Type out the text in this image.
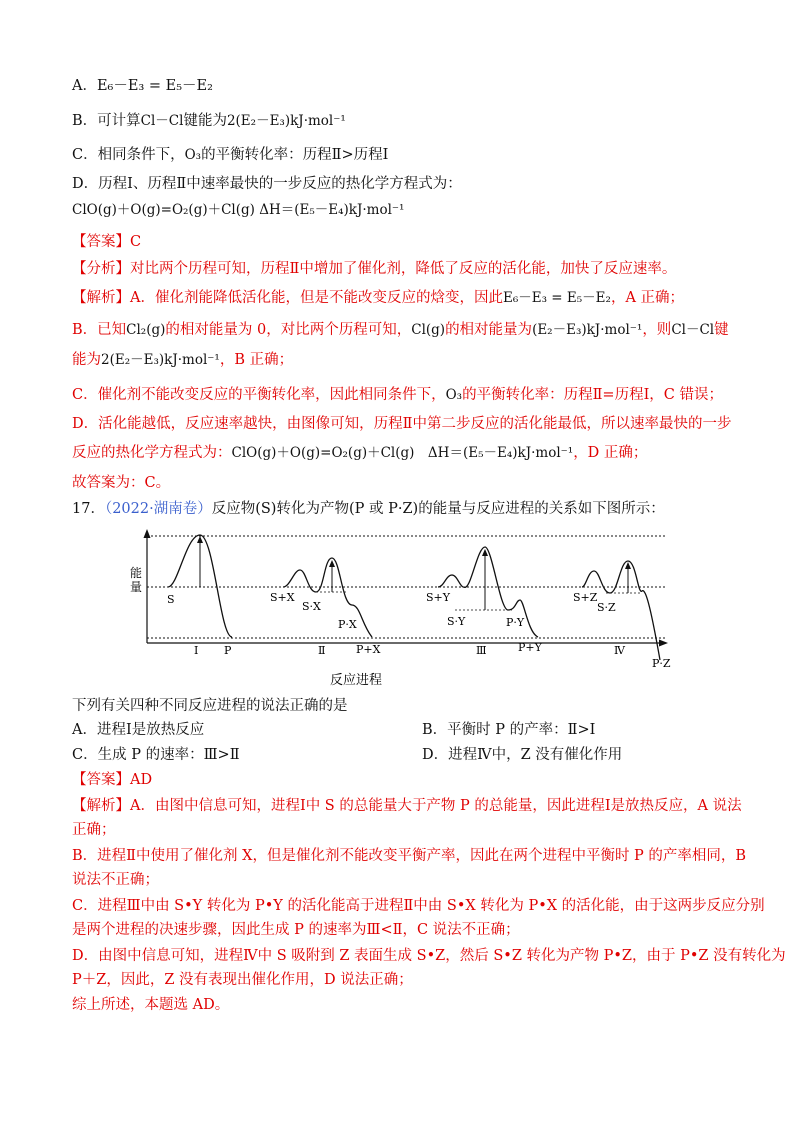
A．E₆－E₃ = E₅－E₂
B．可计算Cl－Cl键能为2(E₂－E₃)kJ·mol⁻¹
C．相同条件下，O₃的平衡转化率：历程Ⅱ>历程Ⅰ
D．历程Ⅰ、历程Ⅱ中速率最快的一步反应的热化学方程式为：
ClO(g)＋O(g)=O₂(g)＋Cl(g) ΔH＝(E₅－E₄)kJ·mol⁻¹
【答案】C
【分析】对比两个历程可知，历程Ⅱ中增加了催化剂，降低了反应的活化能，加快了反应速率。
【解析】A．催化剂能降低活化能，但是不能改变反应的焓变，因此E₆－E₃ = E₅－E₂，A 正确；
B．已知Cl₂(g)的相对能量为 0，对比两个历程可知，Cl(g)的相对能量为(E₂－E₃)kJ·mol⁻¹，则Cl－Cl键
能为2(E₂－E₃)kJ·mol⁻¹，B 正确；
C．催化剂不能改变反应的平衡转化率，因此相同条件下，O₃的平衡转化率：历程Ⅱ=历程Ⅰ，C 错误；
D．活化能越低，反应速率越快，由图像可知，历程Ⅱ中第二步反应的活化能最低，所以速率最快的一步
反应的热化学方程式为：ClO(g)＋O(g)=O₂(g)＋Cl(g)　ΔH＝(E₅－E₄)kJ·mol⁻¹，D 正确；
故答案为：C。
17．（2022·湖南卷）反应物(S)转化为产物(P 或 P·Z)的能量与反应进程的关系如下图所示：
能
量
S
Ⅰ P
S+X
S·X
P·X
P+X
Ⅱ
S+Y
S·Y	P·Y
P+Y
Ⅲ
S+Z
S·Z
Ⅳ
P·Z
反应进程
下列有关四种不同反应进程的说法正确的是
A．进程Ⅰ是放热反应	B．平衡时 P 的产率：Ⅱ>Ⅰ
C．生成 P 的速率：Ⅲ>Ⅱ	D．进程Ⅳ中，Z 没有催化作用
【答案】AD
【解析】A．由图中信息可知，进程Ⅰ中 S 的总能量大于产物 P 的总能量，因此进程Ⅰ是放热反应，A 说法
正确；
B．进程Ⅱ中使用了催化剂 X，但是催化剂不能改变平衡产率，因此在两个进程中平衡时 P 的产率相同，B
说法不正确；
C．进程Ⅲ中由 S•Y 转化为 P•Y 的活化能高于进程Ⅱ中由 S•X 转化为 P•X 的活化能，由于这两步反应分别
是两个进程的决速步骤，因此生成 P 的速率为Ⅲ<Ⅱ，C 说法不正确；
D．由图中信息可知，进程Ⅳ中 S 吸附到 Z 表面生成 S•Z，然后 S•Z 转化为产物 P•Z，由于 P•Z 没有转化为
P＋Z，因此，Z 没有表现出催化作用，D 说法正确；
综上所述，本题选 AD。
